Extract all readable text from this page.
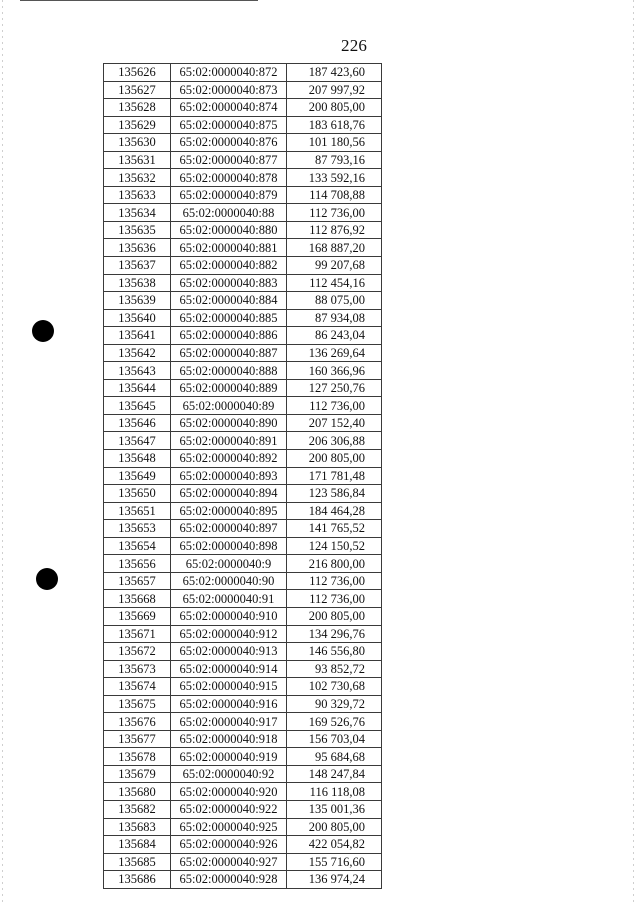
226
135626	65:02:0000040:872	187 423,60
135627	65:02:0000040:873	207 997,92
135628	65:02:0000040:874	200 805,00
135629	65:02:0000040:875	183 618,76
135630	65:02:0000040:876	101 180,56
135631	65:02:0000040:877	87 793,16
135632	65:02:0000040:878	133 592,16
135633	65:02:0000040:879	114 708,88
135634	65:02:0000040:88	112 736,00
135635	65:02:0000040:880	112 876,92
135636	65:02:0000040:881	168 887,20
135637	65:02:0000040:882	99 207,68
135638	65:02:0000040:883	112 454,16
135639	65:02:0000040:884	88 075,00
135640	65:02:0000040:885	87 934,08
135641	65:02:0000040:886	86 243,04
135642	65:02:0000040:887	136 269,64
135643	65:02:0000040:888	160 366,96
135644	65:02:0000040:889	127 250,76
135645	65:02:0000040:89	112 736,00
135646	65:02:0000040:890	207 152,40
135647	65:02:0000040:891	206 306,88
135648	65:02:0000040:892	200 805,00
135649	65:02:0000040:893	171 781,48
135650	65:02:0000040:894	123 586,84
135651	65:02:0000040:895	184 464,28
135653	65:02:0000040:897	141 765,52
135654	65:02:0000040:898	124 150,52
135656	65:02:0000040:9	216 800,00
135657	65:02:0000040:90	112 736,00
135668	65:02:0000040:91	112 736,00
135669	65:02:0000040:910	200 805,00
135671	65:02:0000040:912	134 296,76
135672	65:02:0000040:913	146 556,80
135673	65:02:0000040:914	93 852,72
135674	65:02:0000040:915	102 730,68
135675	65:02:0000040:916	90 329,72
135676	65:02:0000040:917	169 526,76
135677	65:02:0000040:918	156 703,04
135678	65:02:0000040:919	95 684,68
135679	65:02:0000040:92	148 247,84
135680	65:02:0000040:920	116 118,08
135682	65:02:0000040:922	135 001,36
135683	65:02:0000040:925	200 805,00
135684	65:02:0000040:926	422 054,82
135685	65:02:0000040:927	155 716,60
135686	65:02:0000040:928	136 974,24
